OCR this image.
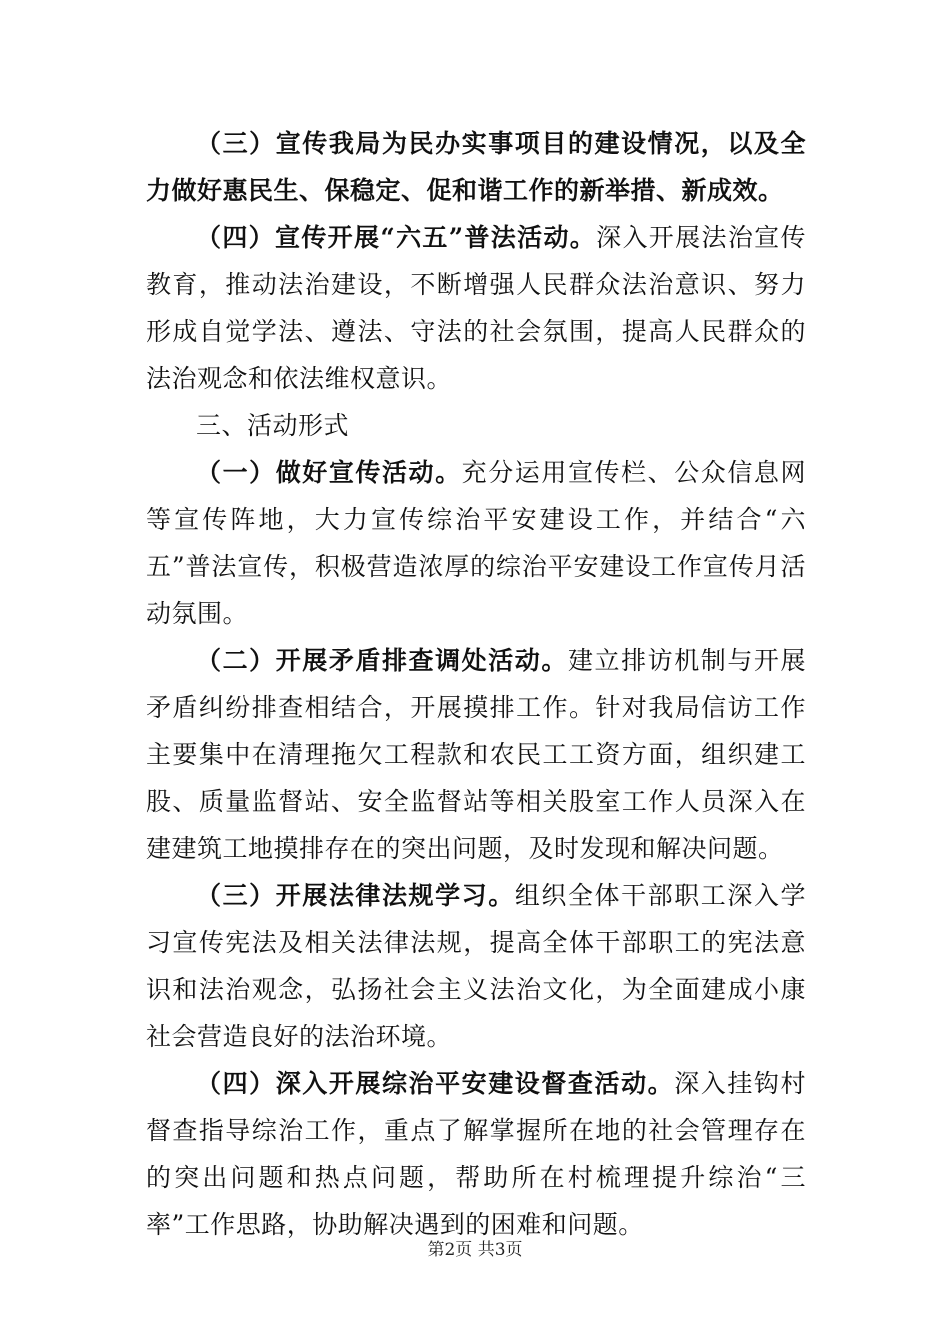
（三）宣传我局为民办实事项目的建设情况，以及全力做好惠民生、保稳定、促和谐工作的新举措、新成效。

（四）宣传开展“六五”普法活动。深入开展法治宣传教育，推动法治建设，不断增强人民群众法治意识、努力形成自觉学法、遵法、守法的社会氛围，提高人民群众的法治观念和依法维权意识。

三、活动形式

（一）做好宣传活动。充分运用宣传栏、公众信息网等宣传阵地，大力宣传综治平安建设工作，并结合“六五”普法宣传，积极营造浓厚的综治平安建设工作宣传月活动氛围。

（二）开展矛盾排查调处活动。建立排访机制与开展矛盾纠纷排查相结合，开展摸排工作。针对我局信访工作主要集中在清理拖欠工程款和农民工工资方面，组织建工股、质量监督站、安全监督站等相关股室工作人员深入在建建筑工地摸排存在的突出问题，及时发现和解决问题。

（三）开展法律法规学习。组织全体干部职工深入学习宣传宪法及相关法律法规，提高全体干部职工的宪法意识和法治观念，弘扬社会主义法治文化，为全面建成小康社会营造良好的法治环境。

（四）深入开展综治平安建设督查活动。深入挂钩村督查指导综治工作，重点了解掌握所在地的社会管理存在的突出问题和热点问题，帮助所在村梳理提升综治“三率”工作思路，协助解决遇到的困难和问题。

第2页 共3页
